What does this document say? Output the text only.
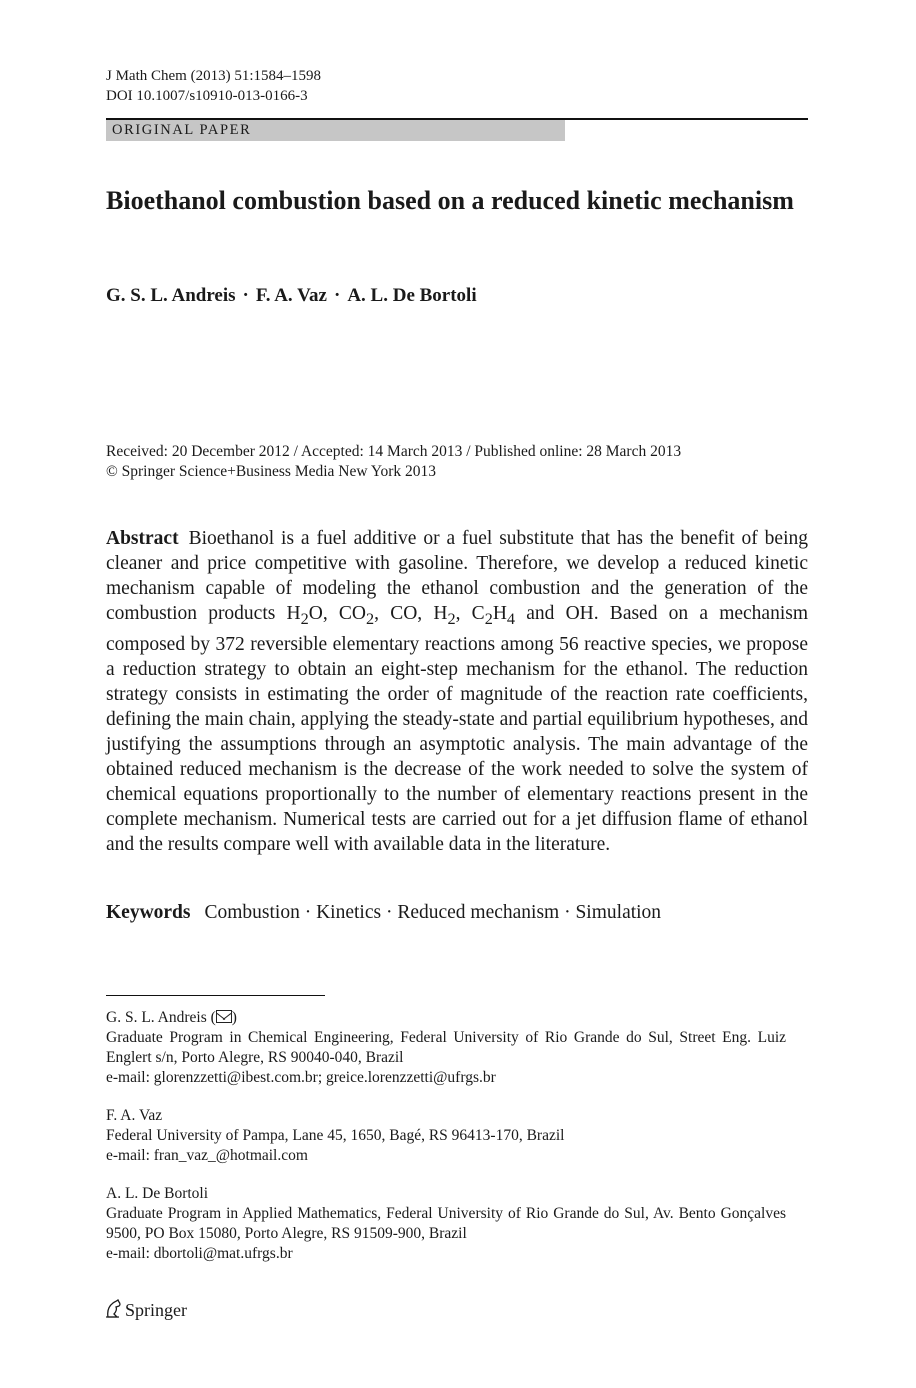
J Math Chem (2013) 51:1584–1598
DOI 10.1007/s10910-013-0166-3
ORIGINAL PAPER
Bioethanol combustion based on a reduced kinetic mechanism
G. S. L. Andreis · F. A. Vaz · A. L. De Bortoli
Received: 20 December 2012 / Accepted: 14 March 2013 / Published online: 28 March 2013
© Springer Science+Business Media New York 2013

Abstract Bioethanol is a fuel additive or a fuel substitute that has the benefit of being cleaner and price competitive with gasoline. Therefore, we develop a reduced kinetic mechanism capable of modeling the ethanol combustion and the generation of the combustion products $H_2O$, $CO_2$, CO, $H_2$, $C_2H_4$ and OH. Based on a mechanism composed by 372 reversible elementary reactions among 56 reactive species, we propose a reduction strategy to obtain an eight-step mechanism for the ethanol. The reduction strategy consists in estimating the order of magnitude of the reaction rate coefficients, defining the main chain, applying the steady-state and partial equilibrium hypotheses, and justifying the assumptions through an asymptotic analysis. The main advantage of the obtained reduced mechanism is the decrease of the work needed to solve the system of chemical equations proportionally to the number of elementary reactions present in the complete mechanism. Numerical tests are carried out for a jet diffusion flame of ethanol and the results compare well with available data in the literature.

Keywords Combustion · Kinetics · Reduced mechanism · Simulation

G. S. L. Andreis ( )

Graduate Program in Chemical Engineering, Federal University of Rio Grande do Sul, Street Eng. Luiz Englert s/n, Porto Alegre, RS 90040-040, Brazil

e-mail: glorenzzetti@ibest.com.br; greice.lorenzzetti@ufrgs.br

F. A. Vaz

Federal University of Pampa, Lane 45, 1650, Bagé, RS 96413-170, Brazil

e-mail: fran_vaz_@hotmail.com

A. L. De Bortoli

Graduate Program in Applied Mathematics, Federal University of Rio Grande do Sul, Av. Bento Gonçalves 9500, PO Box 15080, Porto Alegre, RS 91509-900, Brazil

e-mail: dbortoli@mat.ufrgs.br

Springer
